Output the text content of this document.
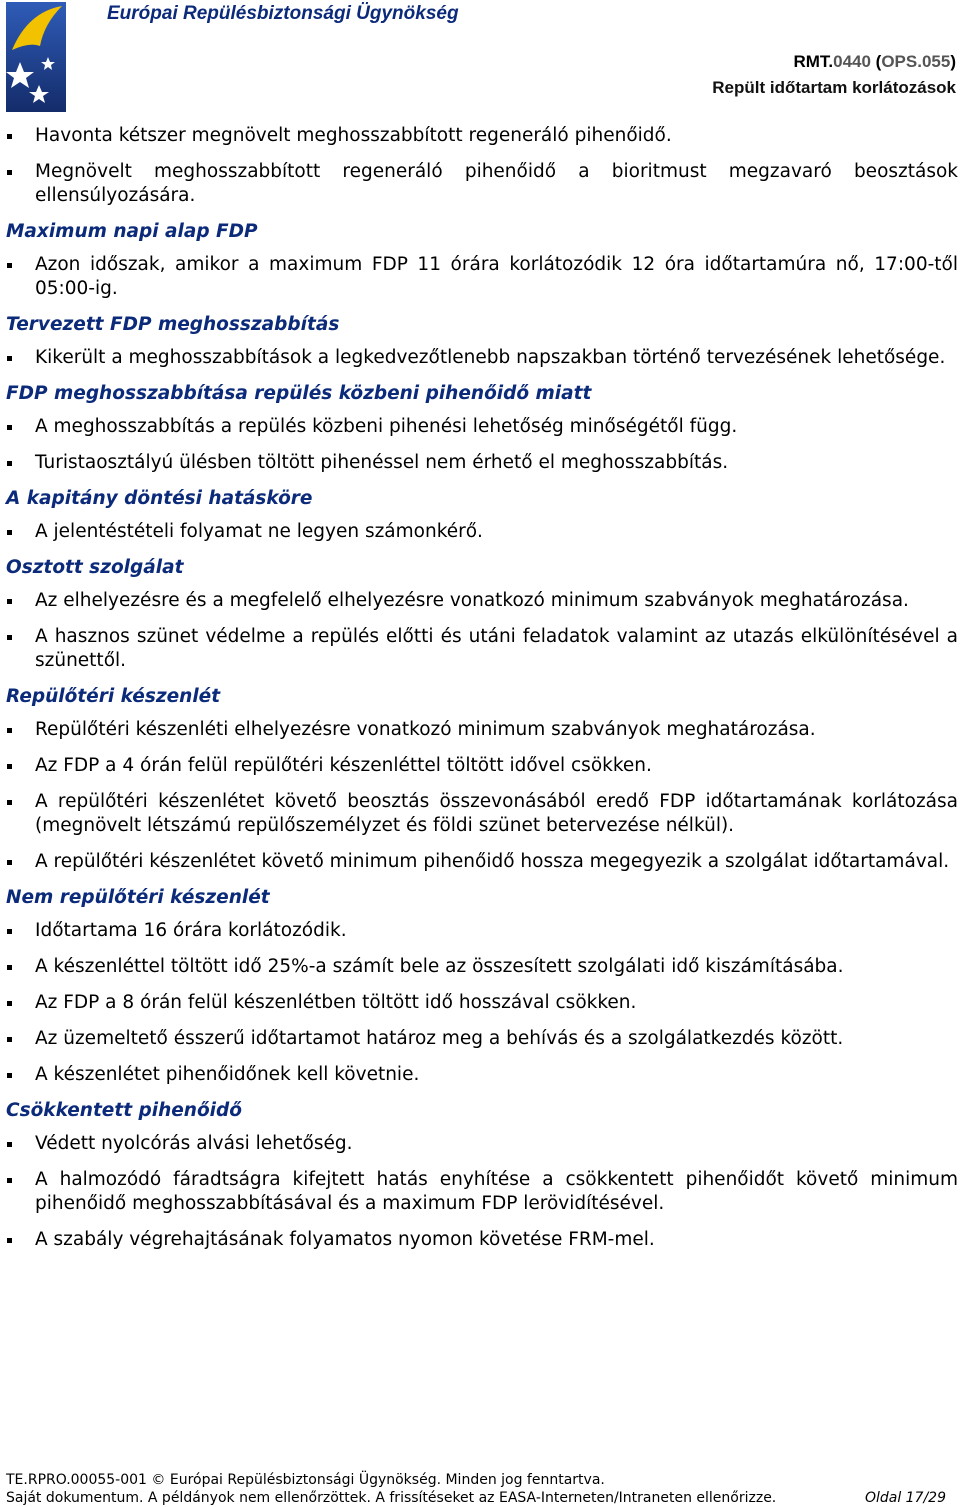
Európai Repülésbiztonsági Ügynökség
RMT.0440 (OPS.055)
Repült időtartam korlátozások
Havonta kétszer megnövelt meghosszabbított regeneráló pihenőidő.
Megnövelt meghosszabbított regeneráló pihenőidő a bioritmust megzavaró beosztások ellensúlyozására.
Maximum napi alap FDP
Azon időszak, amikor a maximum FDP 11 órára korlátozódik 12 óra időtartamúra nő, 17:00-től 05:00-ig.
Tervezett FDP meghosszabbítás
Kikerült a meghosszabbítások a legkedvezőtlenebb napszakban történő tervezésének lehetősége.
FDP meghosszabbítása repülés közbeni pihenőidő miatt
A meghosszabbítás a repülés közbeni pihenési lehetőség minőségétől függ.
Turistaosztályú ülésben töltött pihenéssel nem érhető el meghosszabbítás.
A kapitány döntési hatásköre
A jelentéstételi folyamat ne legyen számonkérő.
Osztott szolgálat
Az elhelyezésre és a megfelelő elhelyezésre vonatkozó minimum szabványok meghatározása.
A hasznos szünet védelme a repülés előtti és utáni feladatok valamint az utazás elkülönítésével a szünettől.
Repülőtéri készenlét
Repülőtéri készenléti elhelyezésre vonatkozó minimum szabványok meghatározása.
Az FDP a 4 órán felül repülőtéri készenléttel töltött idővel csökken.
A repülőtéri készenlétet követő beosztás összevonásából eredő FDP időtartamának korlátozása (megnövelt létszámú repülőszemélyzet és földi szünet betervezése nélkül).
A repülőtéri készenlétet követő minimum pihenőidő hossza megegyezik a szolgálat időtartamával.
Nem repülőtéri készenlét
Időtartama 16 órára korlátozódik.
A készenléttel töltött idő 25%-a számít bele az összesített szolgálati idő kiszámításába.
Az FDP a 8 órán felül készenlétben töltött idő hosszával csökken.
Az üzemeltető ésszerű időtartamot határoz meg a behívás és a szolgálatkezdés között.
A készenlétet pihenőidőnek kell követnie.
Csökkentett pihenőidő
Védett nyolcórás alvási lehetőség.
A halmozódó fáradtságra kifejtett hatás enyhítése a csökkentett pihenőidőt követő minimum pihenőidő meghosszabbításával és a maximum FDP lerövidítésével.
A szabály végrehajtásának folyamatos nyomon követése FRM-mel.
TE.RPRO.00055-001 © Európai Repülésbiztonsági Ügynökség. Minden jog fenntartva.
Saját dokumentum. A példányok nem ellenőrzöttek. A frissítéseket az EASA-Interneten/Intraneten ellenőrizze.	Oldal 17/29
